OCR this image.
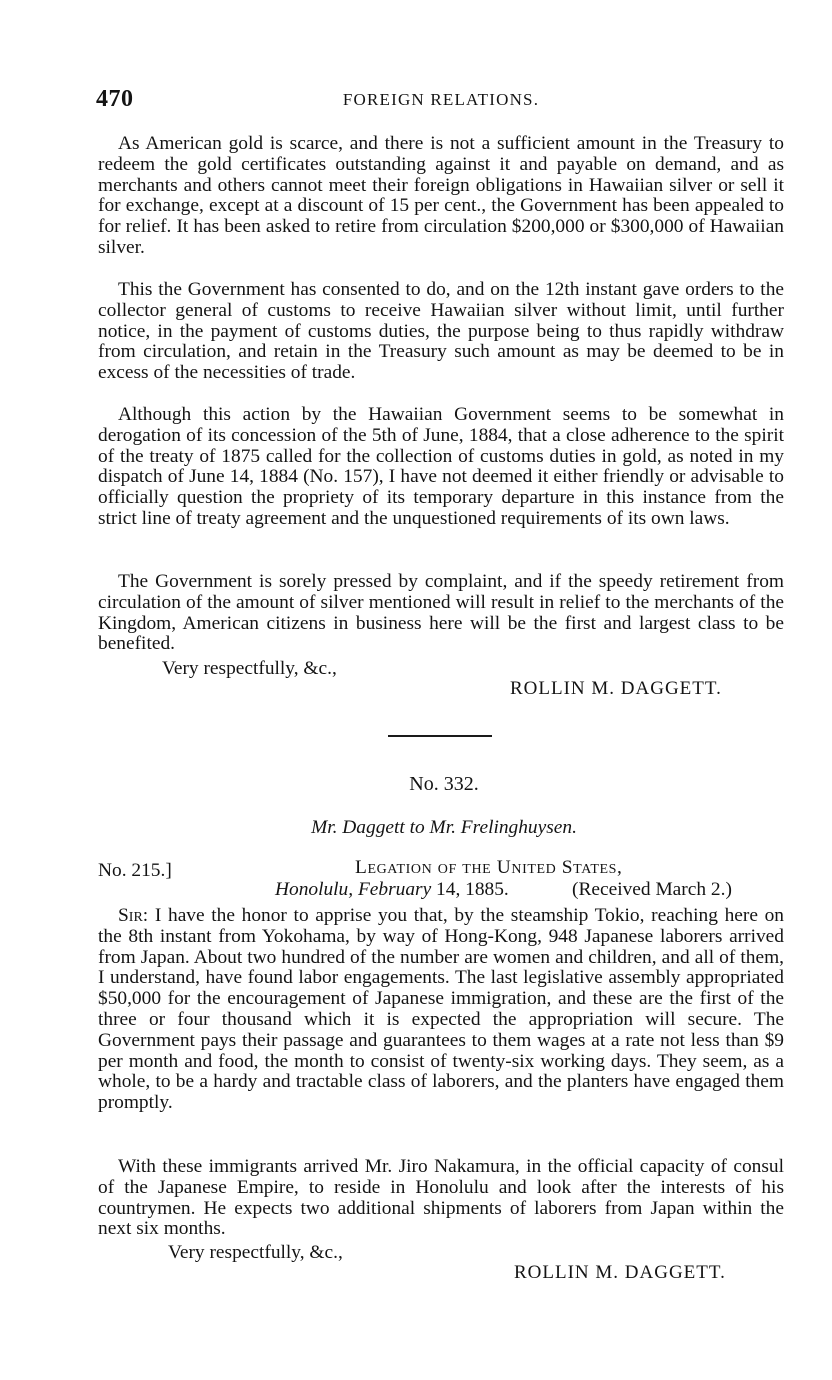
470	FOREIGN RELATIONS.

As American gold is scarce, and there is not a sufficient amount in the Treasury to redeem the gold certificates outstanding against it and payable on demand, and as merchants and others cannot meet their foreign obligations in Hawaiian silver or sell it for exchange, except at a discount of 15 per cent., the Government has been appealed to for relief. It has been asked to retire from circulation $200,000 or $300,000 of Hawaiian silver.

This the Government has consented to do, and on the 12th instant gave orders to the collector general of customs to receive Hawaiian silver without limit, until further notice, in the payment of customs duties, the purpose being to thus rapidly withdraw from circulation, and retain in the Treasury such amount as may be deemed to be in excess of the necessities of trade.

Although this action by the Hawaiian Government seems to be somewhat in derogation of its concession of the 5th of June, 1884, that a close adherence to the spirit of the treaty of 1875 called for the collection of customs duties in gold, as noted in my dispatch of June 14, 1884 (No. 157), I have not deemed it either friendly or advisable to officially question the propriety of its temporary departure in this instance from the strict line of treaty agreement and the unquestioned requirements of its own laws.

The Government is sorely pressed by complaint, and if the speedy retirement from circulation of the amount of silver mentioned will result in relief to the merchants of the Kingdom, American citizens in business here will be the first and largest class to be benefited.

Very respectfully, &c.,
ROLLIN M. DAGGETT.
No. 332.
Mr. Daggett to Mr. Frelinghuysen.
No. 215.]	Legation of the United States,
Honolulu, February 14, 1885.	(Received March 2.)

Sir: I have the honor to apprise you that, by the steamship Tokio, reaching here on the 8th instant from Yokohama, by way of Hong-Kong, 948 Japanese laborers arrived from Japan. About two hundred of the number are women and children, and all of them, I understand, have found labor engagements. The last legislative assembly appropriated $50,000 for the encouragement of Japanese immigration, and these are the first of the three or four thousand which it is expected the appropriation will secure. The Government pays their passage and guarantees to them wages at a rate not less than $9 per month and food, the month to consist of twenty-six working days. They seem, as a whole, to be a hardy and tractable class of laborers, and the planters have engaged them promptly.

With these immigrants arrived Mr. Jiro Nakamura, in the official capacity of consul of the Japanese Empire, to reside in Honolulu and look after the interests of his countrymen. He expects two additional shipments of laborers from Japan within the next six months.

Very respectfully, &c.,
ROLLIN M. DAGGETT.
